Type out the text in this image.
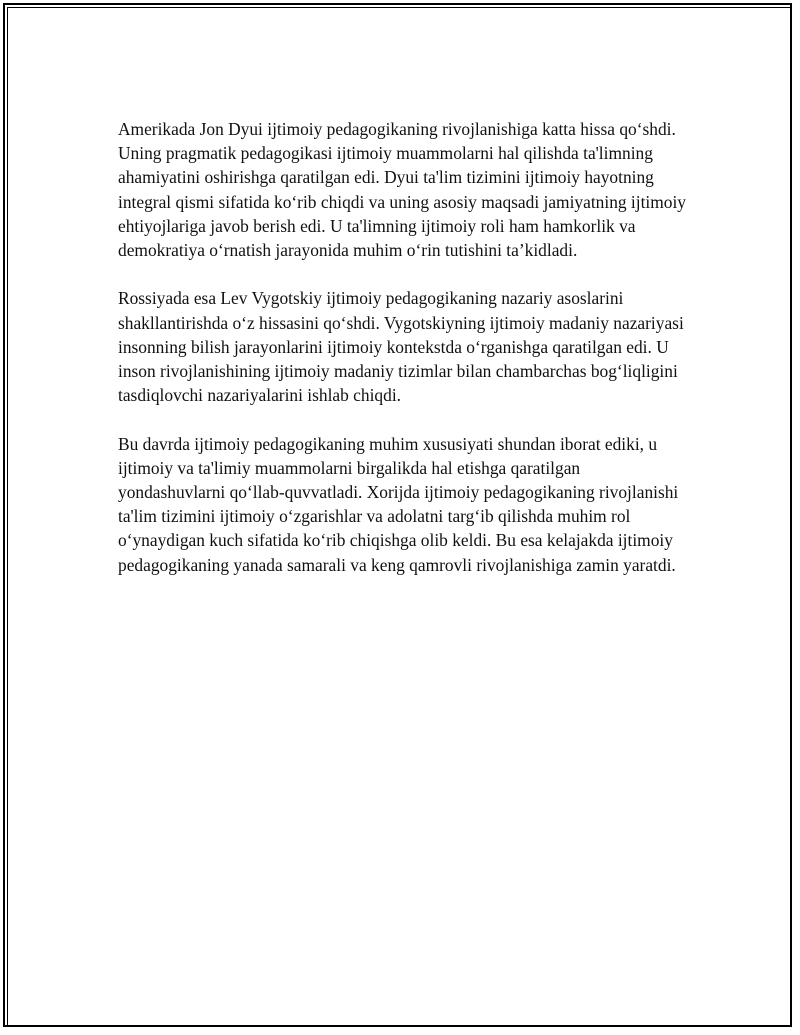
Amerikada Jon Dyui ijtimoiy pedagogikaning rivojlanishiga katta hissa qo‘shdi. Uning pragmatik pedagogikasi ijtimoiy muammolarni hal qilishda ta'limning ahamiyatini oshirishga qaratilgan edi. Dyui ta'lim tizimini ijtimoiy hayotning integral qismi sifatida ko‘rib chiqdi va uning asosiy maqsadi jamiyatning ijtimoiy ehtiyojlariga javob berish edi. U ta'limning ijtimoiy roli ham hamkorlik va demokratiya o‘rnatish jarayonida muhim o‘rin tutishini ta’kidladi.

Rossiyada esa Lev Vygotskiy ijtimoiy pedagogikaning nazariy asoslarini shakllantirishda o‘z hissasini qo‘shdi. Vygotskiyning ijtimoiy madaniy nazariyasi insonning bilish jarayonlarini ijtimoiy kontekstda o‘rganishga qaratilgan edi. U inson rivojlanishining ijtimoiy madaniy tizimlar bilan chambarchas bog‘liqligini tasdiqlovchi nazariyalarini ishlab chiqdi.

Bu davrda ijtimoiy pedagogikaning muhim xususiyati shundan iborat ediki, u ijtimoiy va ta'limiy muammolarni birgalikda hal etishga qaratilgan yondashuvlarni qo‘llab-quvvatladi. Xorijda ijtimoiy pedagogikaning rivojlanishi ta'lim tizimini ijtimoiy o‘zgarishlar va adolatni targ‘ib qilishda muhim rol o‘ynaydigan kuch sifatida ko‘rib chiqishga olib keldi. Bu esa kelajakda ijtimoiy pedagogikaning yanada samarali va keng qamrovli rivojlanishiga zamin yaratdi.
